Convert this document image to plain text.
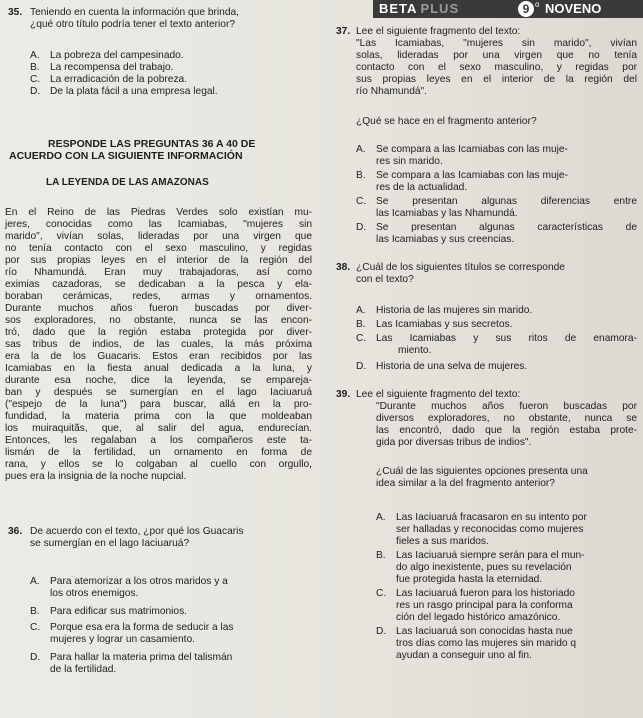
BETA PLUS	9 o NOVENO
35. Teniendo en cuenta la información que brinda,
¿qué otro título podría tener el texto anterior?
A. La pobreza del campesinado.
B. La recompensa del trabajo.
C. La erradicación de la pobreza.
D. De la plata fácil a una empresa legal.
RESPONDE LAS PREGUNTAS 36 A 40 DE
ACUERDO CON LA SIGUIENTE INFORMACIÓN
LA LEYENDA DE LAS AMAZONAS
En el Reino de las Piedras Verdes solo existían mu-
jeres, conocidas como las Icamiabas, "mujeres sin
marido", vivían solas, lideradas por una virgen que
no tenía contacto con el sexo masculino, y regidas
por sus propias leyes en el interior de la región del
río Nhamundá. Eran muy trabajadoras, así como
eximias cazadoras, se dedicaban a la pesca y ela-
boraban cerámicas, redes, armas y ornamentos.
Durante muchos años fueron buscadas por diver-
sos exploradores, no obstante, nunca se las encon-
tró, dado que la región estaba protegida por diver-
sas tribus de indios, de las cuales, la más próxima
era la de los Guacaris. Estos eran recibidos por las
Icamiabas en la fiesta anual dedicada a la luna, y
durante esa noche, dice la leyenda, se empareja-
ban y después se sumergían en el lago Iaciuaruá
("espejo de la luna") para buscar, allá en la pro-
fundidad, la materia prima con la que moldeaban
los muiraquitãs, que, al salir del agua, endurecían.
Entonces, les regalaban a los compañeros este ta-
lismán de la fertilidad, un ornamento en forma de
rana, y ellos se lo colgaban al cuello con orgullo,
pues era la insignia de la noche nupcial.
36. De acuerdo con el texto, ¿por qué los Guacaris
se sumergían en el lago Iaciuaruá?
A. Para atemorizar a los otros maridos y a
los otros enemigos.
B. Para edificar sus matrimonios.
C. Porque esa era la forma de seducir a las
mujeres y lograr un casamiento.
D. Para hallar la materia prima del talismán
de la fertilidad.
37. Lee el siguiente fragmento del texto:
"Las Icamiabas, "mujeres sin marido", vivían
solas, lideradas por una virgen que no tenía
contacto con el sexo masculino, y regidas por
sus propias leyes en el interior de la región del
río Nhamundá".
¿Qué se hace en el fragmento anterior?
A. Se compara a las Icamiabas con las muje-
res sin marido.
B. Se compara a las Icamiabas con las muje-
res de la actualidad.
C. Se presentan algunas diferencias entre
las Icamiabas y las Nhamundá.
D. Se presentan algunas características de
las Icamiabas y sus creencias.
38. ¿Cuál de los siguientes títulos se corresponde
con el texto?
A. Historia de las mujeres sin marido.
B. Las Icamiabas y sus secretos.
C. Las Icamiabas y sus ritos de enamora-
miento.
D. Historia de una selva de mujeres.
39. Lee el siguiente fragmento del texto:
"Durante muchos años fueron buscadas por
diversos exploradores, no obstante, nunca se
las encontró, dado que la región estaba prote-
gida por diversas tribus de indios".
¿Cuál de las siguientes opciones presenta una
idea similar a la del fragmento anterior?
A. Las Iaciuaruá fracasaron en su intento por
ser halladas y reconocidas como mujeres
fieles a sus maridos.
B. Las Iaciuaruá siempre serán para el mun-
do algo inexistente, pues su revelación
fue protegida hasta la eternidad.
C. Las Iaciuaruá fueron para los historiado
res un rasgo principal para la conforma
ción del legado histórico amazónico.
D. Las Iaciuaruá son conocidas hasta nue
tros días como las mujeres sin marido q
ayudan a conseguir uno al fin.
